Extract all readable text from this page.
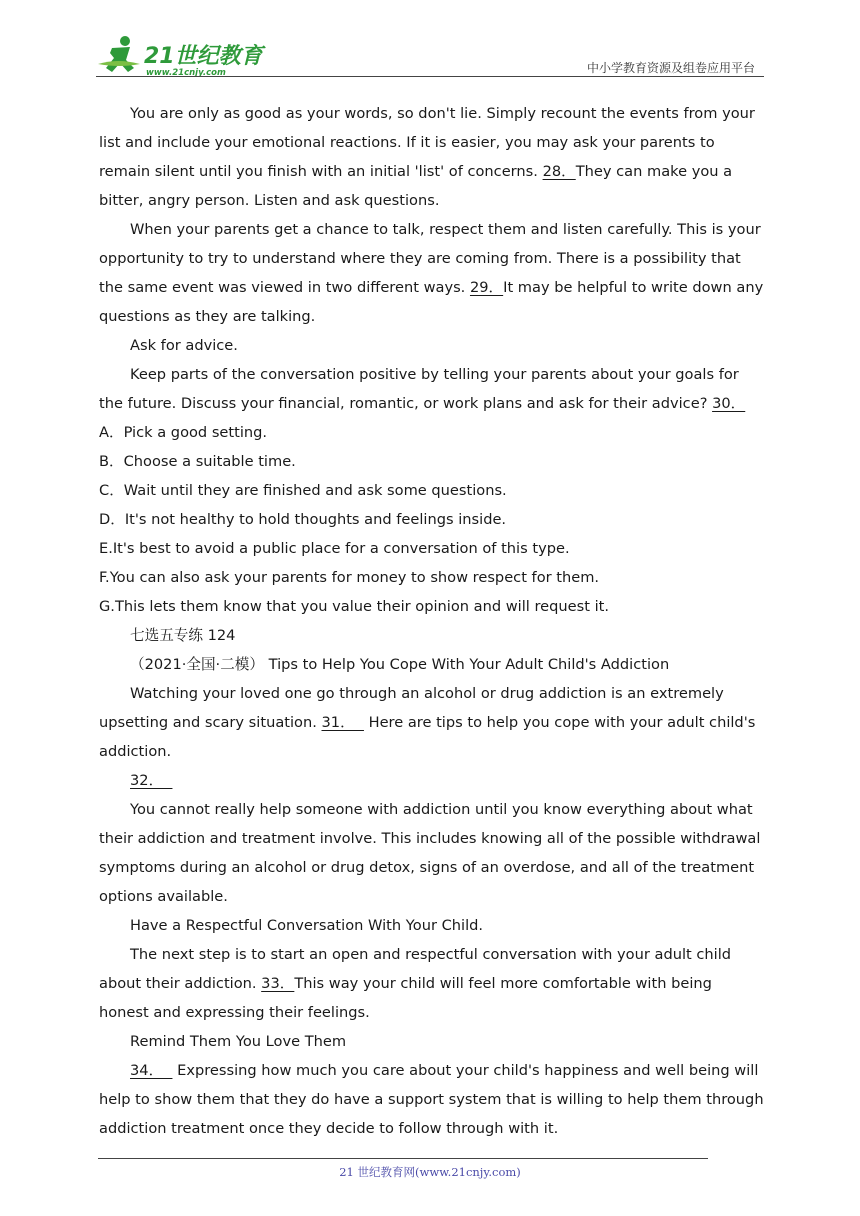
21世纪教育
www.21cnjy.com	中小学教育资源及组卷应用平台

You are only as good as your words, so don't lie. Simply recount the events from your list and include your emotional reactions. If it is easier, you may ask your parents to remain silent until you finish with an initial 'list' of concerns. 28．They can make you a bitter, angry person. Listen and ask questions.

When your parents get a chance to talk, respect them and listen carefully. This is your opportunity to try to understand where they are coming from. There is a possibility that the same event was viewed in two different ways. 29．It may be helpful to write down any questions as they are talking.

Ask for advice.

Keep parts of the conversation positive by telling your parents about your goals for the future. Discuss your financial, romantic, or work plans and ask for their advice? 30．

A．Pick a good setting.

B．Choose a suitable time.

C．Wait until they are finished and ask some questions.

D．It's not healthy to hold thoughts and feelings inside.

E.It's best to avoid a public place for a conversation of this type.

F.You can also ask your parents for money to show respect for them.

G.This lets them know that you value their opinion and will request it.

七选五专练 124

（2021·全国·二模） Tips to Help You Cope With Your Adult Child's Addiction

Watching your loved one go through an alcohol or drug addiction is an extremely upsetting and scary situation. 31．   Here are tips to help you cope with your adult child's addiction.

32．

You cannot really help someone with addiction until you know everything about what their addiction and treatment involve. This includes knowing all of the possible withdrawal symptoms during an alcohol or drug detox, signs of an overdose, and all of the treatment options available.

Have a Respectful Conversation With Your Child.

The next step is to start an open and respectful conversation with your adult child about their addiction. 33．This way your child will feel more comfortable with being honest and expressing their feelings.

Remind Them You Love Them

34．   Expressing how much you care about your child's happiness and well being will help to show them that they do have a support system that is willing to help them through addiction treatment once they decide to follow through with it.

21 世纪教育网(www.21cnjy.com)
